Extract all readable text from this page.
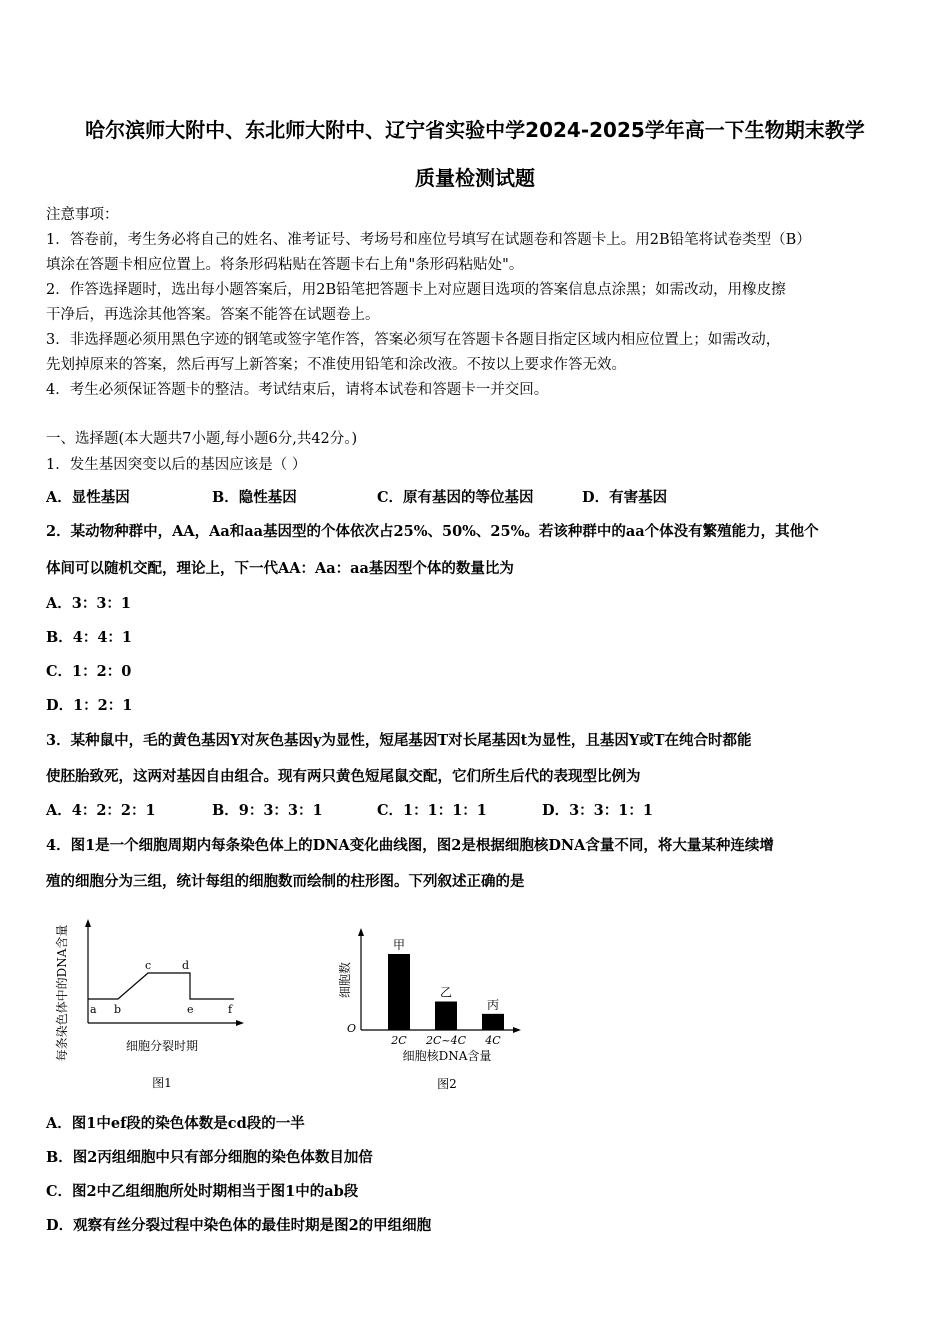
哈尔滨师大附中、东北师大附中、辽宁省实验中学2024-2025学年高一下生物期末教学
质量检测试题
注意事项：
1．答卷前，考生务必将自己的姓名、准考证号、考场号和座位号填写在试题卷和答题卡上。用2B铅笔将试卷类型（B）
填涂在答题卡相应位置上。将条形码粘贴在答题卡右上角"条形码粘贴处"。
2．作答选择题时，选出每小题答案后，用2B铅笔把答题卡上对应题目选项的答案信息点涂黑；如需改动，用橡皮擦
干净后，再选涂其他答案。答案不能答在试题卷上。
3．非选择题必须用黑色字迹的钢笔或签字笔作答，答案必须写在答题卡各题目指定区域内相应位置上；如需改动，
先划掉原来的答案，然后再写上新答案；不准使用铅笔和涂改液。不按以上要求作答无效。
4．考生必须保证答题卡的整洁。考试结束后，请将本试卷和答题卡一并交回。
一、选择题(本大题共7小题,每小题6分,共42分。)
1．发生基因突变以后的基因应该是（ ）
A．显性基因	B．隐性基因	C．原有基因的等位基因	D．有害基因
2．某动物种群中，AA，Aa和aa基因型的个体依次占25%、50%、25%。若该种群中的aa个体没有繁殖能力，其他个
体间可以随机交配，理论上，下一代AA：Aa：aa基因型个体的数量比为
A．3：3：1
B．4：4：1
C．1：2：0
D．1：2：1
3．某种鼠中，毛的黄色基因Y对灰色基因y为显性，短尾基因T对长尾基因t为显性，且基因Y或T在纯合时都能
使胚胎致死，这两对基因自由组合。现有两只黄色短尾鼠交配，它们所生后代的表现型比例为
A．4：2：2：1	B．9：3：3：1	C．1：1：1：1	D．3：3：1：1
4．图1是一个细胞周期内每条染色体上的DNA变化曲线图，图2是根据细胞核DNA含量不同，将大量某种连续增
殖的细胞分为三组，统计每组的细胞数而绘制的柱形图。下列叙述正确的是
每条染色体中的DNA含量 a b
c	d
e	f
细胞分裂时期
图1
细胞数
O
甲
2C
乙
2C~4C
丙
4C
细胞核DNA含量
图2
A．图1中ef段的染色体数是cd段的一半
B．图2丙组细胞中只有部分细胞的染色体数目加倍
C．图2中乙组细胞所处时期相当于图1中的ab段
D．观察有丝分裂过程中染色体的最佳时期是图2的甲组细胞
